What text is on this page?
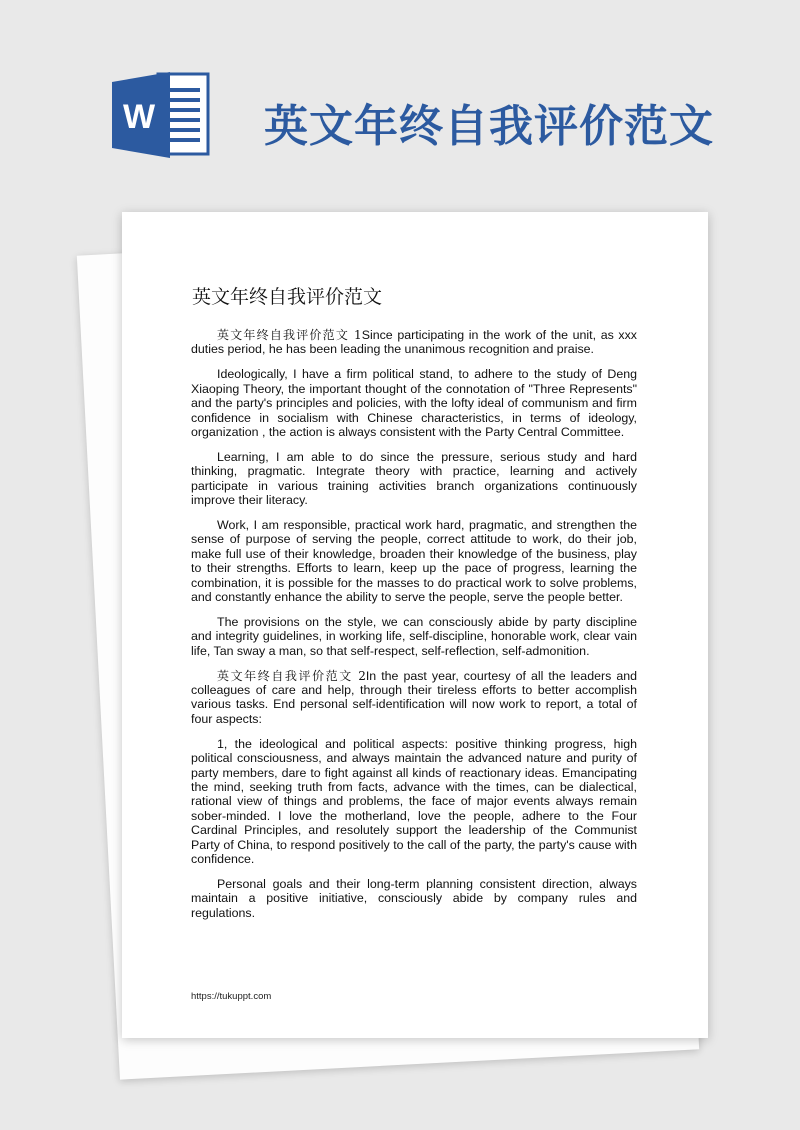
W 英文年终自我评价范文
英文年终自我评价范文

英文年终自我评价范文 1Since participating in the work of the unit, as xxx duties period, he has been leading the unanimous recognition and praise.

Ideologically, I have a firm political stand, to adhere to the study of Deng Xiaoping Theory, the important thought of the connotation of "Three Represents" and the party's principles and policies, with the lofty ideal of communism and firm confidence in socialism with Chinese characteristics, in terms of ideology, organization , the action is always consistent with the Party Central Committee.

Learning, I am able to do since the pressure, serious study and hard thinking, pragmatic. Integrate theory with practice, learning and actively participate in various training activities branch organizations continuously improve their literacy.

Work, I am responsible, practical work hard, pragmatic, and strengthen the sense of purpose of serving the people, correct attitude to work, do their job, make full use of their knowledge, broaden their knowledge of the business, play to their strengths. Efforts to learn, keep up the pace of progress, learning the combination, it is possible for the masses to do practical work to solve problems, and constantly enhance the ability to serve the people, serve the people better.

The provisions on the style, we can consciously abide by party discipline and integrity guidelines, in working life, self-discipline, honorable work, clear vain life, Tan sway a man, so that self-respect, self-reflection, self-admonition.

英文年终自我评价范文 2In the past year, courtesy of all the leaders and colleagues of care and help, through their tireless efforts to better accomplish various tasks. End personal self-identification will now work to report, a total of four aspects:

1, the ideological and political aspects: positive thinking progress, high political consciousness, and always maintain the advanced nature and purity of party members, dare to fight against all kinds of reactionary ideas. Emancipating the mind, seeking truth from facts, advance with the times, can be dialectical, rational view of things and problems, the face of major events always remain sober-minded. I love the motherland, love the people, adhere to the Four Cardinal Principles, and resolutely support the leadership of the Communist Party of China, to respond positively to the call of the party, the party's cause with confidence.

Personal goals and their long-term planning consistent direction, always maintain a positive initiative, consciously abide by company rules and regulations.

https://tukuppt.com
